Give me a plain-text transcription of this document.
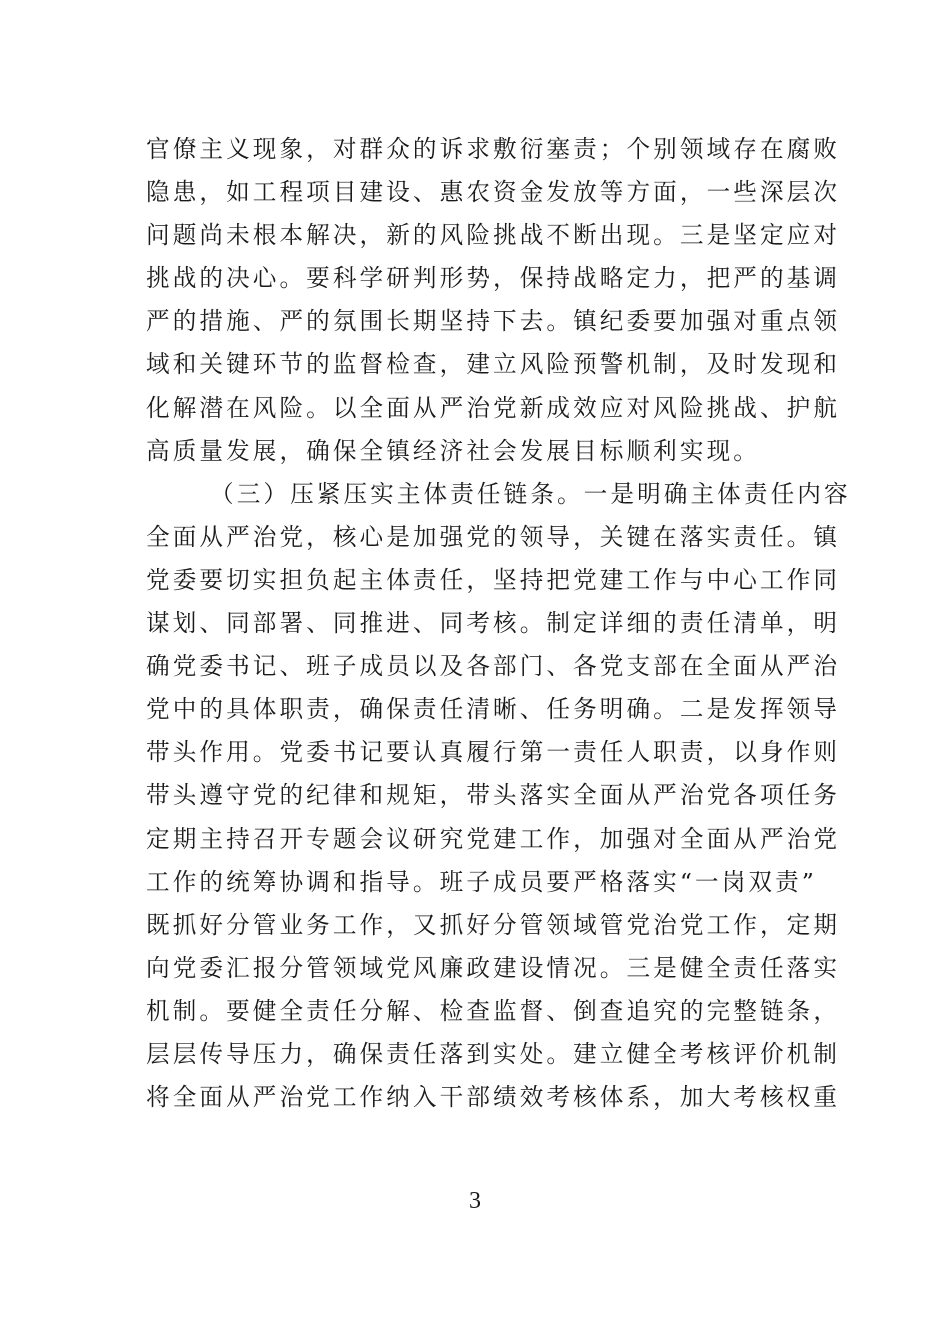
官僚主义现象，对群众的诉求敷衍塞责；个别领域存在腐败
隐患，如工程项目建设、惠农资金发放等方面，一些深层次
问题尚未根本解决，新的风险挑战不断出现。三是坚定应对
挑战的决心。要科学研判形势，保持战略定力，把严的基调
严的措施、严的氛围长期坚持下去。镇纪委要加强对重点领
域和关键环节的监督检查，建立风险预警机制，及时发现和
化解潜在风险。以全面从严治党新成效应对风险挑战、护航
高质量发展，确保全镇经济社会发展目标顺利实现。
（三）压紧压实主体责任链条。一是明确主体责任内容
全面从严治党，核心是加强党的领导，关键在落实责任。镇
党委要切实担负起主体责任，坚持把党建工作与中心工作同
谋划、同部署、同推进、同考核。制定详细的责任清单，明
确党委书记、班子成员以及各部门、各党支部在全面从严治
党中的具体职责，确保责任清晰、任务明确。二是发挥领导
带头作用。党委书记要认真履行第一责任人职责，以身作则
带头遵守党的纪律和规矩，带头落实全面从严治党各项任务
定期主持召开专题会议研究党建工作，加强对全面从严治党
工作的统筹协调和指导。班子成员要严格落实“一岗双责”
既抓好分管业务工作，又抓好分管领域管党治党工作，定期
向党委汇报分管领域党风廉政建设情况。三是健全责任落实
机制。要健全责任分解、检查监督、倒查追究的完整链条，
层层传导压力，确保责任落到实处。建立健全考核评价机制
将全面从严治党工作纳入干部绩效考核体系，加大考核权重
3
